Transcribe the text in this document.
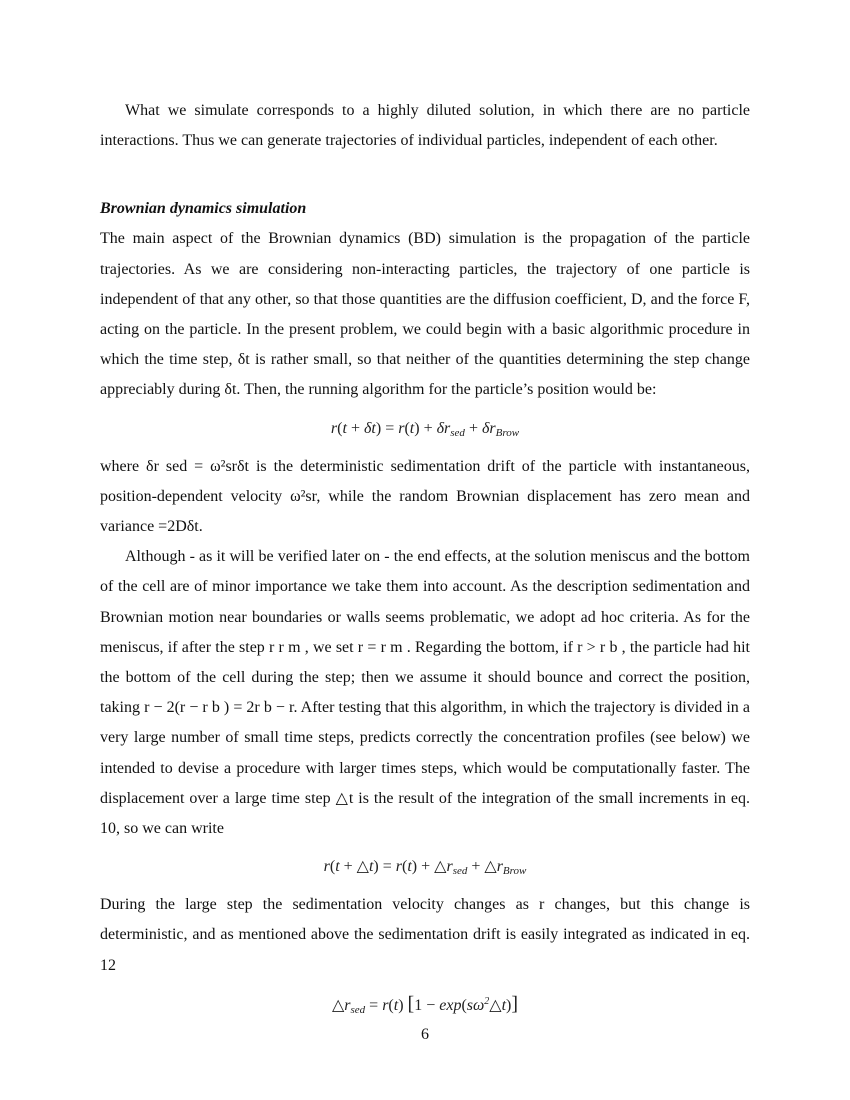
What we simulate corresponds to a highly diluted solution, in which there are no particle interactions. Thus we can generate trajectories of individual particles, independent of each other.

Brownian dynamics simulation

The main aspect of the Brownian dynamics (BD) simulation is the propagation of the particle trajectories. As we are considering non-interacting particles, the trajectory of one particle is independent of that any other, so that those quantities are the diffusion coefficient, D, and the force F, acting on the particle. In the present problem, we could begin with a basic algorithmic procedure in which the time step, δt is rather small, so that neither of the quantities determining the step change appreciably during δt. Then, the running algorithm for the particle’s position would be:

$r(t + \delta t) = r(t) + \delta r_{sed} + \delta r_{Brow}$

where δr sed = ω²srδt is the deterministic sedimentation drift of the particle with instantaneous, position-dependent velocity ω²sr, while the random Brownian displacement has zero mean and variance =2Dδt.

Although - as it will be verified later on - the end effects, at the solution meniscus and the bottom of the cell are of minor importance we take them into account. As the description sedimentation and Brownian motion near boundaries or walls seems problematic, we adopt ad hoc criteria. As for the meniscus, if after the step r r m , we set r = r m . Regarding the bottom, if r > r b , the particle had hit the bottom of the cell during the step; then we assume it should bounce and correct the position, taking r − 2(r − r b ) = 2r b − r. After testing that this algorithm, in which the trajectory is divided in a very large number of small time steps, predicts correctly the concentration profiles (see below) we intended to devise a procedure with larger times steps, which would be computationally faster. The displacement over a large time step △t is the result of the integration of the small increments in eq. 10, so we can write

r(t + △t) = $r(t) + \triangle r_{sed}$ + $\triangle r_{Brow}$

During the large step the sedimentation velocity changes as r changes, but this change is deterministic, and as mentioned above the sedimentation drift is easily integrated as indicated in eq. 12

$\triangle r_{sed} = r(t) [1$ − $\exp(s\omega^2\triangle t)$]
6
